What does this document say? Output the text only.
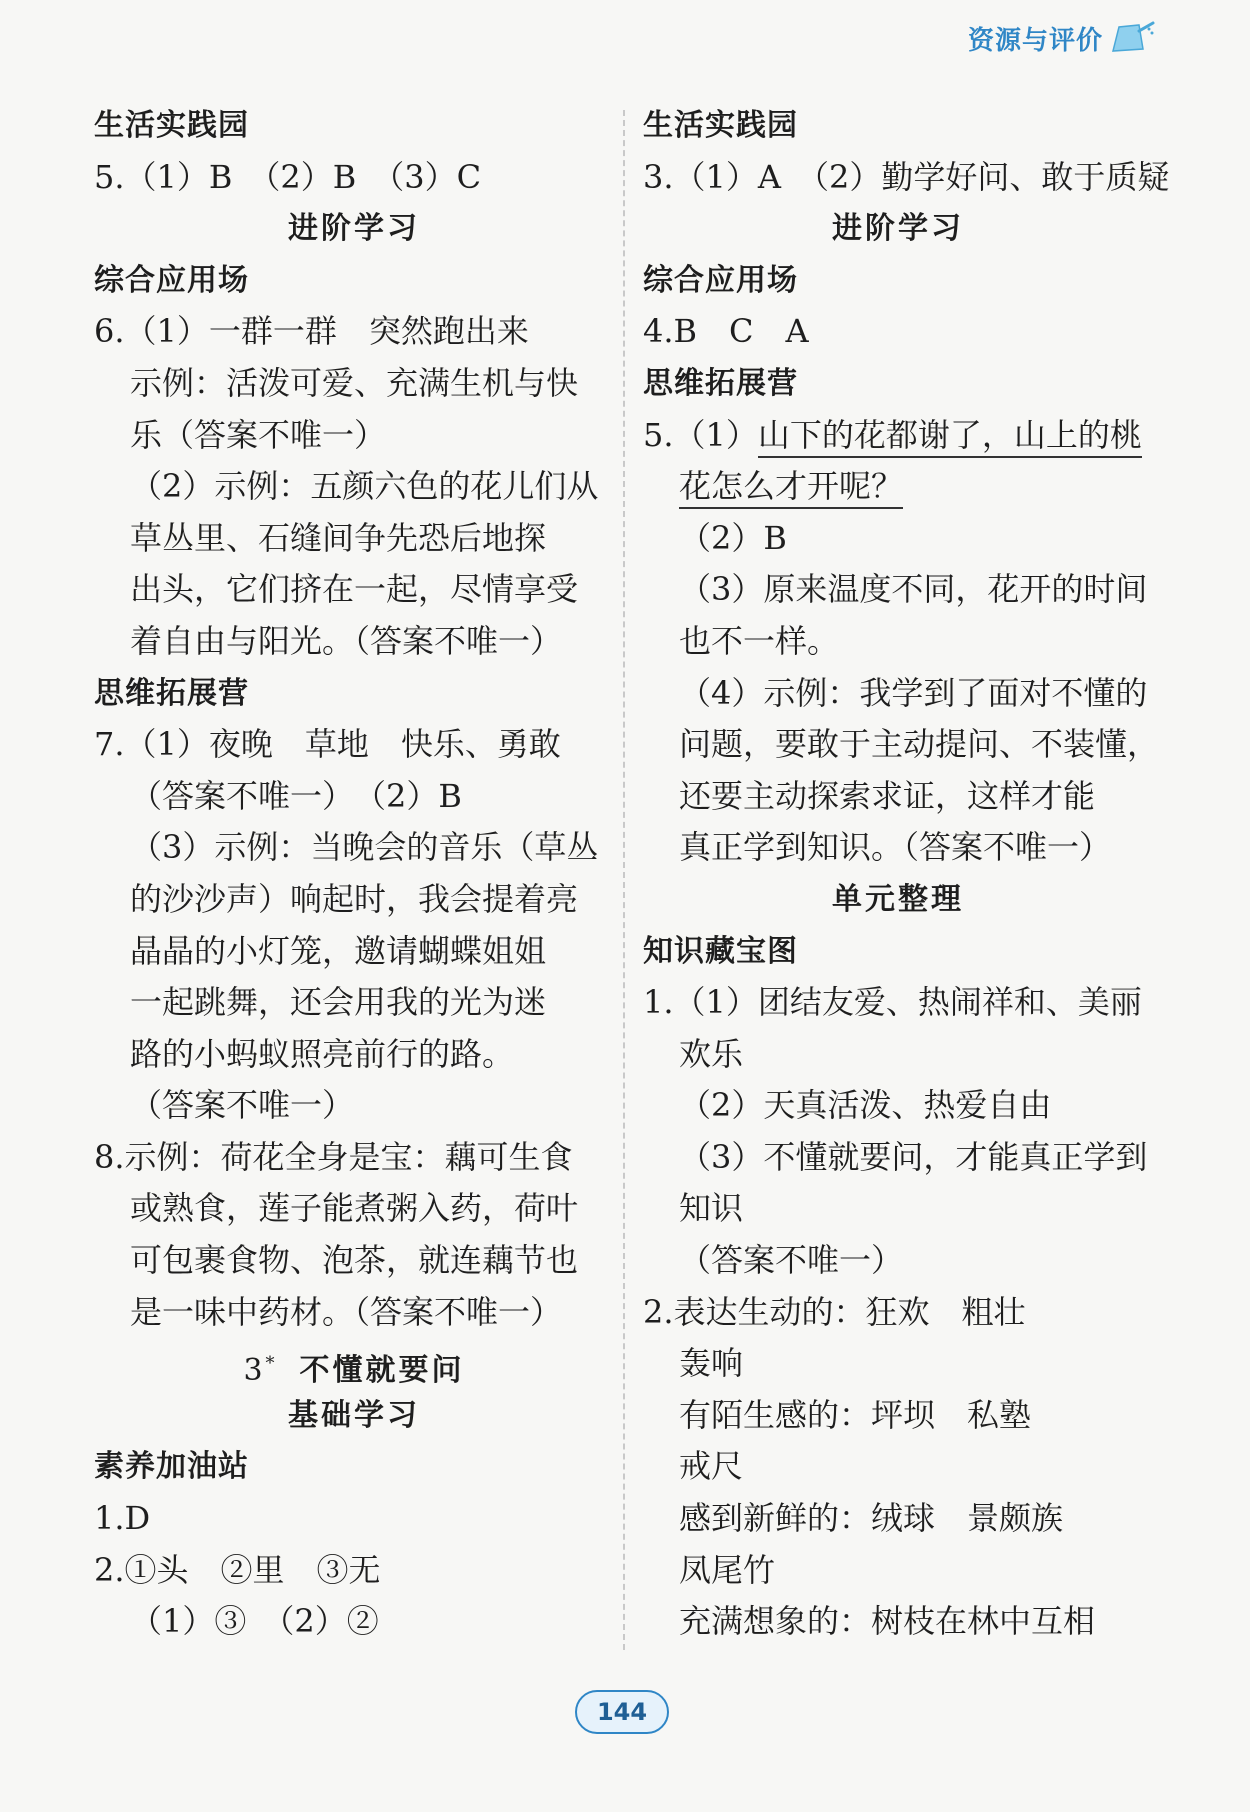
资源与评价
生活实践园
5.（1）B　（2）B　（3）C
进阶学习
综合应用场
6.（1）一群一群　突然跑出来
示例：活泼可爱、充满生机与快
乐（答案不唯一）
（2）示例：五颜六色的花儿们从
草丛里、石缝间争先恐后地探
出头，它们挤在一起，尽情享受
着自由与阳光。（答案不唯一）
思维拓展营
7.（1）夜晚　草地　快乐、勇敢
（答案不唯一）　（2）B
（3）示例：当晚会的音乐（草丛
的沙沙声）响起时，我会提着亮
晶晶的小灯笼，邀请蝴蝶姐姐
一起跳舞，还会用我的光为迷
路的小蚂蚁照亮前行的路。
（答案不唯一）
8.示例：荷花全身是宝：藕可生食
或熟食，莲子能煮粥入药，荷叶
可包裹食物、泡茶，就连藕节也
是一味中药材。（答案不唯一）
3* 不懂就要问
基础学习
素养加油站
1.D
2.①头　②里　③无
（1）③　（2）②
生活实践园
3.（1）A　（2）勤学好问、敢于质疑
进阶学习
综合应用场
4.B　C　A
思维拓展营
5.（1）山下的花都谢了，山上的桃
花怎么才开呢？
（2）B
（3）原来温度不同，花开的时间
也不一样。
（4）示例：我学到了面对不懂的
问题，要敢于主动提问、不装懂，
还要主动探索求证，这样才能
真正学到知识。（答案不唯一）
单元整理
知识藏宝图
1.（1）团结友爱、热闹祥和、美丽
欢乐
（2）天真活泼、热爱自由
（3）不懂就要问，才能真正学到
知识
（答案不唯一）
2.表达生动的：狂欢　粗壮
轰响
有陌生感的：坪坝　私塾
戒尺
感到新鲜的：绒球　景颇族
凤尾竹
充满想象的：树枝在林中互相
144
